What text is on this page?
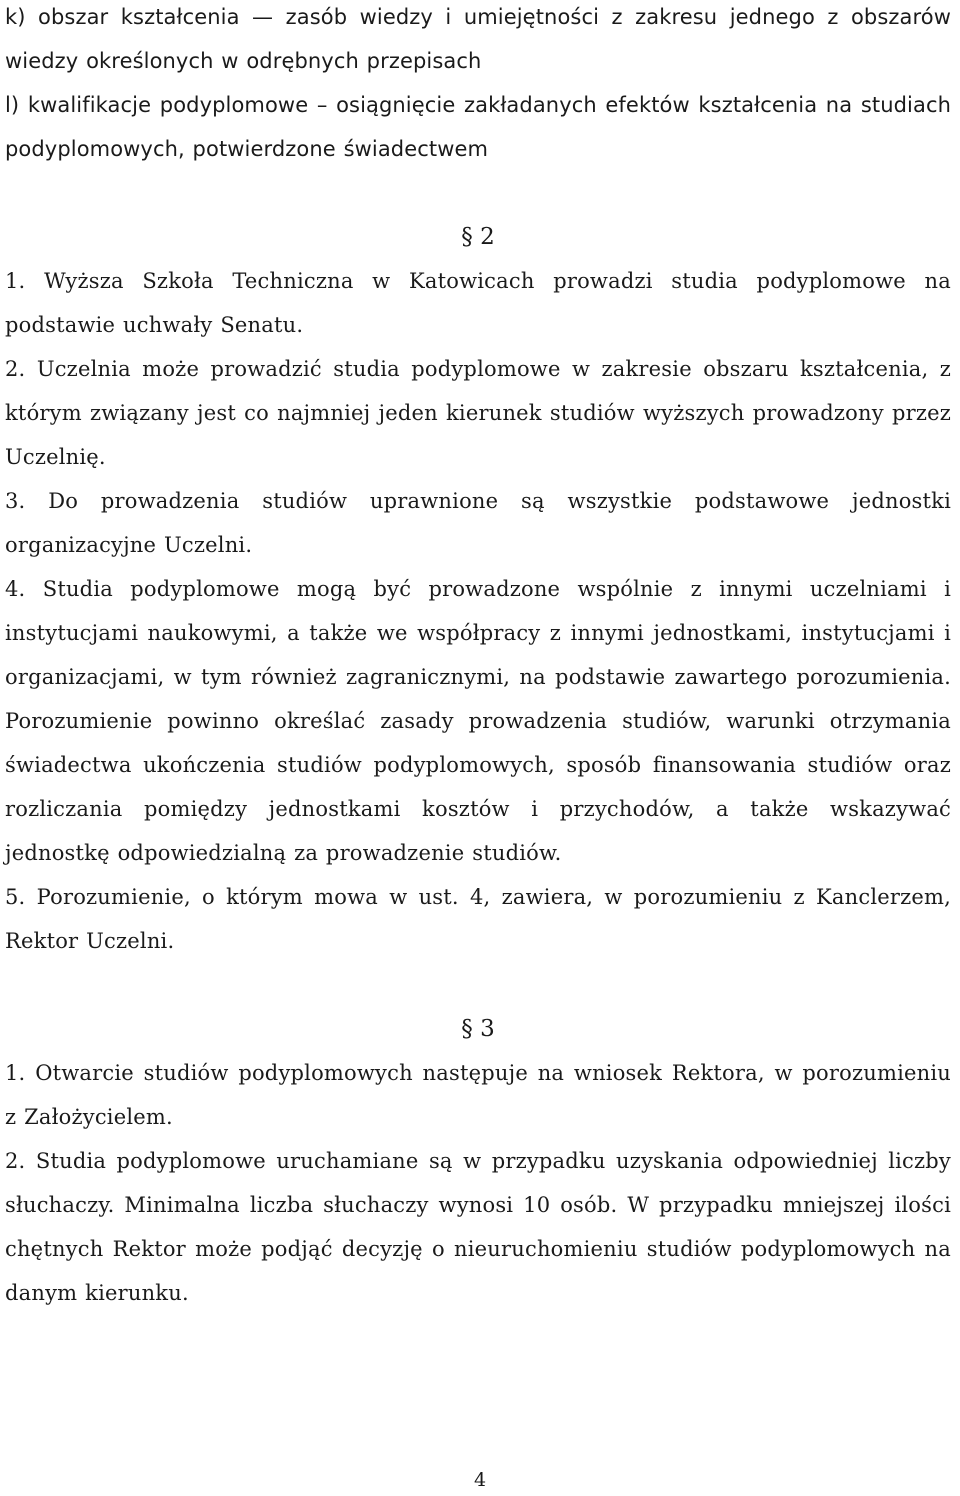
k) obszar kształcenia — zasób wiedzy i umiejętności z zakresu jednego z obszarów wiedzy określonych w odrębnych przepisach

l) kwalifikacje podyplomowe – osiągnięcie zakładanych efektów kształcenia na studiach podyplomowych, potwierdzone świadectwem

§ 2

1. Wyższa Szkoła Techniczna w Katowicach prowadzi studia podyplomowe na podstawie uchwały Senatu.

2. Uczelnia może prowadzić studia podyplomowe w zakresie obszaru kształcenia, z którym związany jest co najmniej jeden kierunek studiów wyższych prowadzony przez Uczelnię.

3. Do prowadzenia studiów uprawnione są wszystkie podstawowe jednostki organizacyjne Uczelni.

4. Studia podyplomowe mogą być prowadzone wspólnie z innymi uczelniami i instytucjami naukowymi, a także we współpracy z innymi jednostkami, instytucjami i organizacjami, w tym również zagranicznymi, na podstawie zawartego porozumienia. Porozumienie powinno określać zasady prowadzenia studiów, warunki otrzymania świadectwa ukończenia studiów podyplomowych, sposób finansowania studiów oraz rozliczania pomiędzy jednostkami kosztów i przychodów, a także wskazywać jednostkę odpowiedzialną za prowadzenie studiów.

5. Porozumienie, o którym mowa w ust. 4, zawiera, w porozumieniu z Kanclerzem, Rektor Uczelni.

§ 3

1. Otwarcie studiów podyplomowych następuje na wniosek Rektora, w porozumieniu z Założycielem.

2. Studia podyplomowe uruchamiane są w przypadku uzyskania odpowiedniej liczby słuchaczy. Minimalna liczba słuchaczy wynosi 10 osób. W przypadku mniejszej ilości chętnych Rektor może podjąć decyzję o nieuruchomieniu studiów podyplomowych na danym kierunku.

4
